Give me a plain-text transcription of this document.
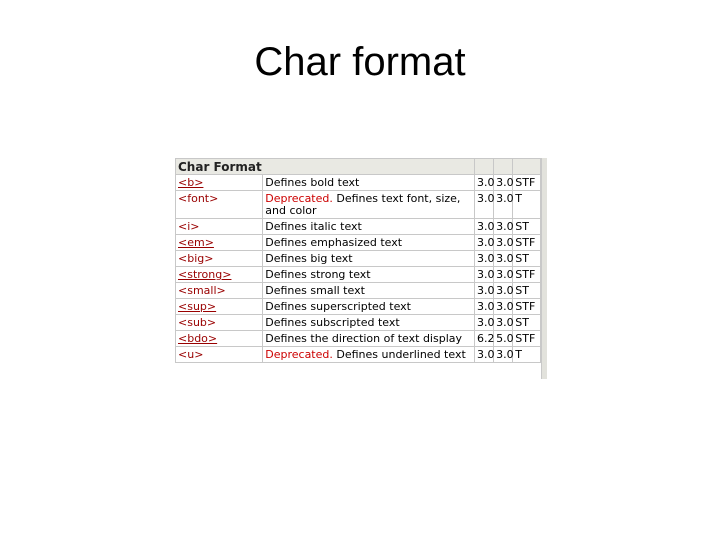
Char format
Char Format				
<b>	Defines bold text	3.0	3.0	STF
<font>	Deprecated. Defines text font, size, and color	3.0	3.0	T
<i>	Defines italic text	3.0	3.0	ST
<em>	Defines emphasized text	3.0	3.0	STF
<big>	Defines big text	3.0	3.0	ST
<strong>	Defines strong text	3.0	3.0	STF
<small>	Defines small text	3.0	3.0	ST
<sup>	Defines superscripted text	3.0	3.0	STF
<sub>	Defines subscripted text	3.0	3.0	ST
<bdo>	Defines the direction of text display	6.2	5.0	STF
<u>	Deprecated. Defines underlined text	3.0	3.0	T
